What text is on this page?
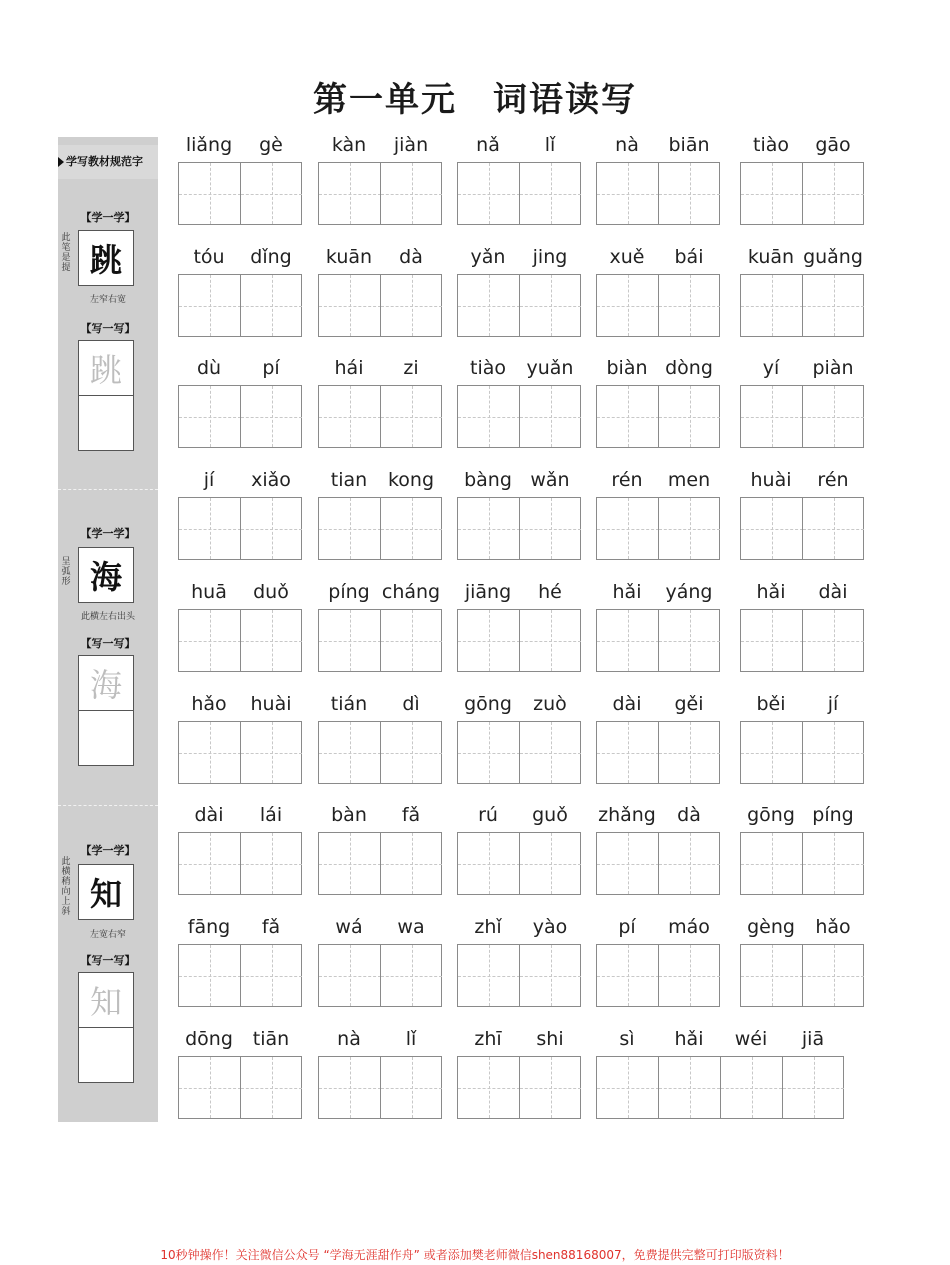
第一单元 词语读写
学写教材规范字
【学一学】
此笔是提 跳
左窄右宽
【写一写】
跳
【学一学】
呈弧形 海
此横左右出头
【写一写】
海
【学一学】
此横稍向上斜 知
左宽右窄
【写一写】
知
liǎng	gè	kàn	jiàn	nǎ	lǐ	nà	biān	tiào	gāo
tóu	dǐng	kuān	dà	yǎn	jing	xuě	bái	kuān guǎng
dù	pí	hái	zi	tiào	yuǎn	biàn dòng	yí	piàn
jí	xiǎo	tian	kong	bàng wǎn	rén	men	huài	rén
huā	duǒ	píng cháng	jiāng	hé	hǎi	yáng	hǎi	dài
hǎo	huài	tián	dì	gōng	zuò	dài	gěi	běi	jí
dài	lái	bàn	fǎ	rú	guǒ	zhǎng	dà	gōng píng
fāng	fǎ	wá	wa	zhǐ	yào	pí	máo	gèng	hǎo
dōng	tiān	nà	lǐ	zhī	shi	sì	hǎi	wéi	jiā
10秒钟操作！关注微信公众号 “学海无涯甜作舟” 或者添加樊老师微信shen88168007，免费提供完整可打印版资料！
